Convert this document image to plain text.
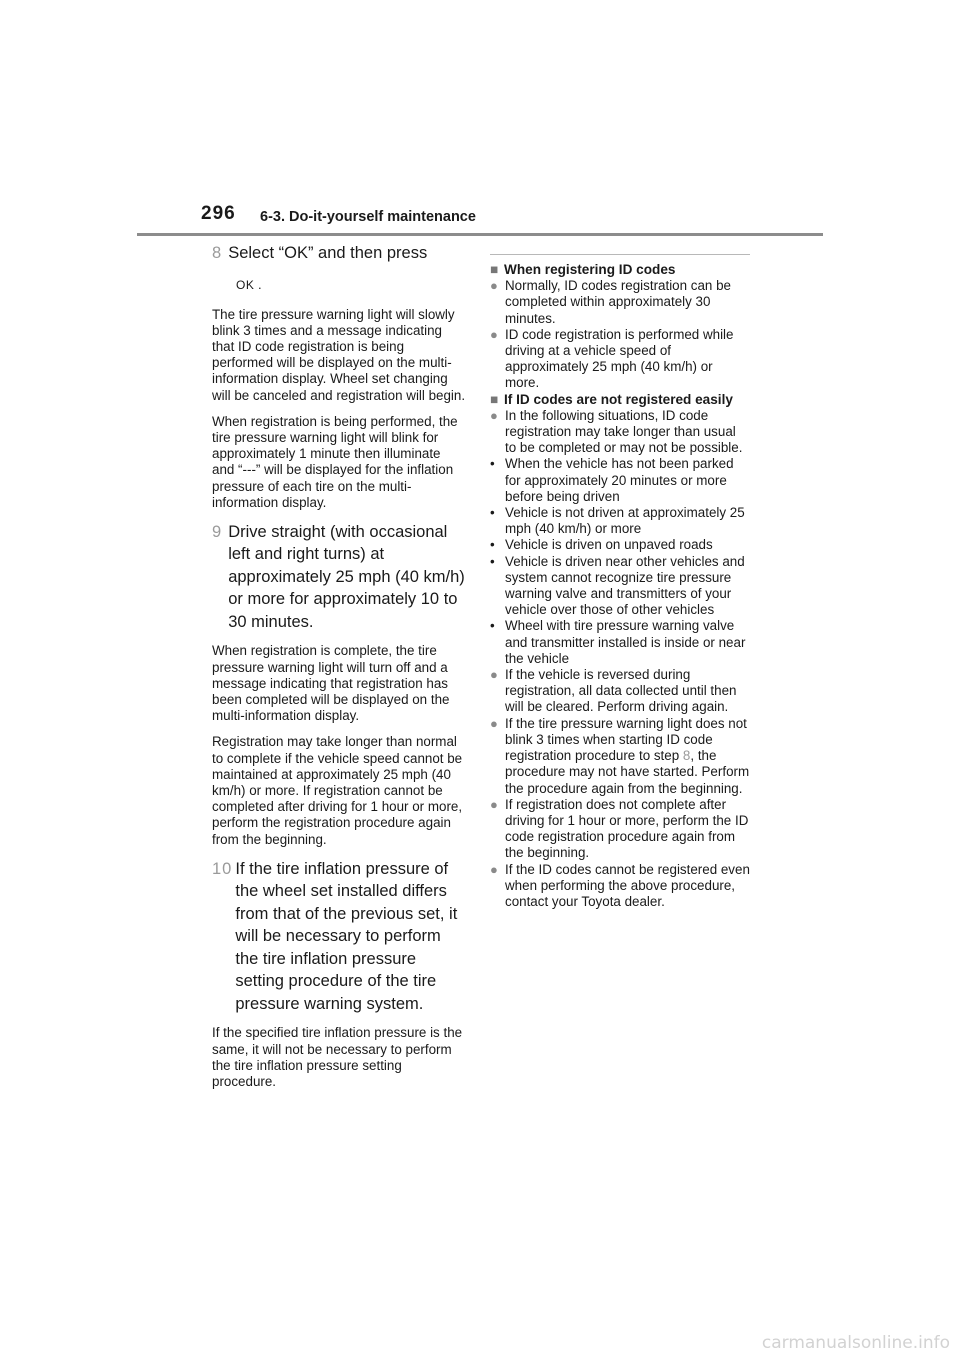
296 6-3. Do-it-yourself maintenance
8 Select “OK” and then press
OK .

The tire pressure warning light will slowly blink 3 times and a message indicating that ID code registration is being performed will be displayed on the multi-information display. Wheel set changing will be canceled and registration will begin.

When registration is being performed, the tire pressure warning light will blink for approximately 1 minute then illuminate and “---” will be displayed for the inflation pressure of each tire on the multi-information display.

9 Drive straight (with occasional left and right turns) at approximately 25 mph (40 km/h) or more for approximately 10 to 30 minutes.

When registration is complete, the tire pressure warning light will turn off and a message indicating that registration has been completed will be displayed on the multi-information display.

Registration may take longer than normal to complete if the vehicle speed cannot be maintained at approximately 25 mph (40 km/h) or more. If registration cannot be completed after driving for 1 hour or more, perform the registration procedure again from the beginning.

10 If the tire inflation pressure of the wheel set installed differs from that of the previous set, it will be necessary to perform the tire inflation pressure setting procedure of the tire pressure warning system.

If the specified tire inflation pressure is the same, it will not be necessary to perform the tire inflation pressure setting procedure.

■ When registering ID codes
● Normally, ID codes registration can be completed within approximately 30 minutes.
● ID code registration is performed while driving at a vehicle speed of approximately 25 mph (40 km/h) or more.
■ If ID codes are not registered easily
● In the following situations, ID code registration may take longer than usual to be completed or may not be possible.
• When the vehicle has not been parked for approximately 20 minutes or more before being driven
• Vehicle is not driven at approximately 25 mph (40 km/h) or more
• Vehicle is driven on unpaved roads
• Vehicle is driven near other vehicles and system cannot recognize tire pressure warning valve and transmitters of your vehicle over those of other vehicles
• Wheel with tire pressure warning valve and transmitter installed is inside or near the vehicle
● If the vehicle is reversed during registration, all data collected until then will be cleared. Perform driving again.
● If the tire pressure warning light does not blink 3 times when starting ID code registration procedure to step 8, the procedure may not have started. Perform the procedure again from the beginning.
● If registration does not complete after driving for 1 hour or more, perform the ID code registration procedure again from the beginning.
● If the ID codes cannot be registered even when performing the above procedure, contact your Toyota dealer.
carmanualsonline.info
